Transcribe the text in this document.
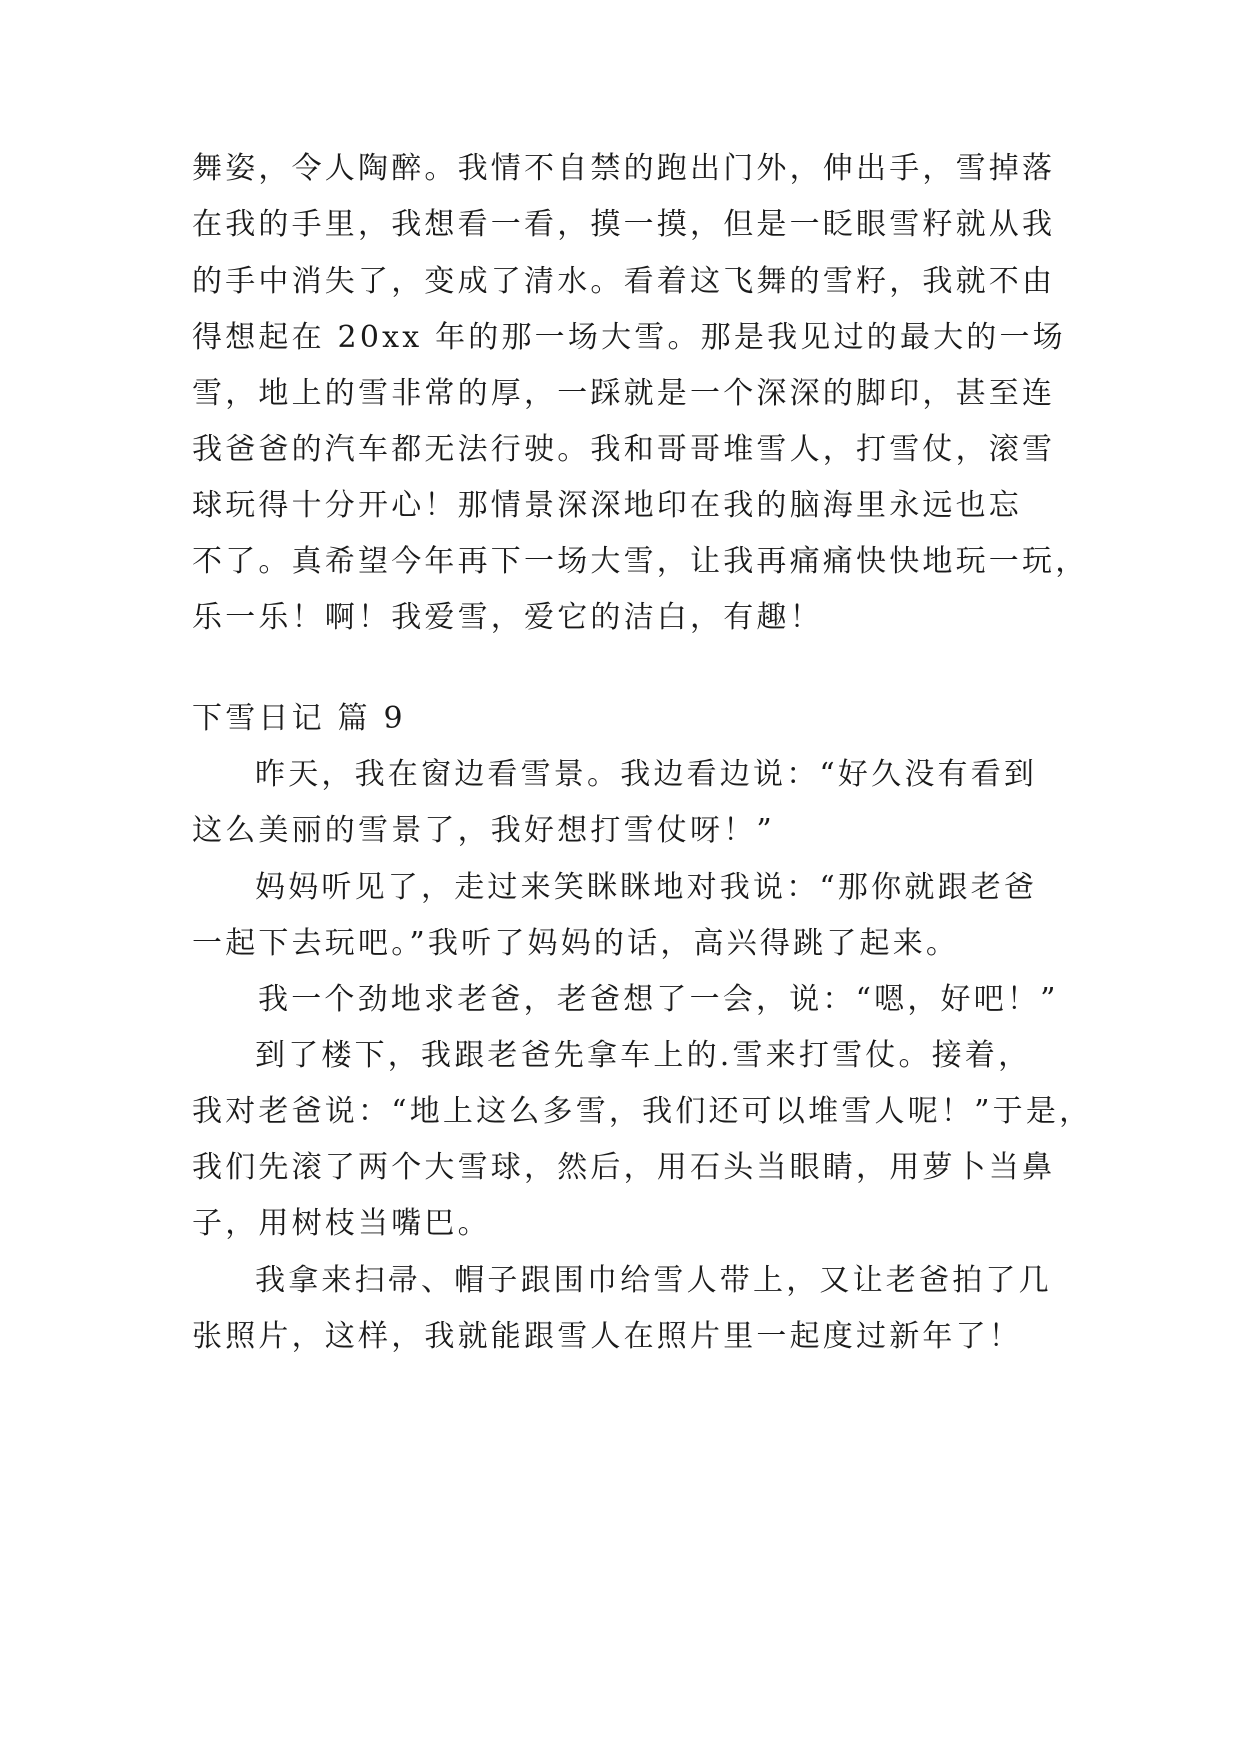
舞姿，令人陶醉。我情不自禁的跑出门外，伸出手，雪掉落
在我的手里，我想看一看，摸一摸，但是一眨眼雪籽就从我
的手中消失了，变成了清水。看着这飞舞的雪籽，我就不由
得想起在 20xx 年的那一场大雪。那是我见过的最大的一场
雪，地上的雪非常的厚，一踩就是一个深深的脚印，甚至连
我爸爸的汽车都无法行驶。我和哥哥堆雪人，打雪仗，滚雪
球玩得十分开心！那情景深深地印在我的脑海里永远也忘
不了。真希望今年再下一场大雪，让我再痛痛快快地玩一玩，
乐一乐！啊！我爱雪，爱它的洁白，有趣！
下雪日记 篇 9
昨天，我在窗边看雪景。我边看边说：“好久没有看到
这么美丽的雪景了，我好想打雪仗呀！”
妈妈听见了，走过来笑眯眯地对我说：“那你就跟老爸
一起下去玩吧。”我听了妈妈的话，高兴得跳了起来。
我一个劲地求老爸，老爸想了一会，说：“嗯，好吧！”
到了楼下，我跟老爸先拿车上的.雪来打雪仗。接着，
我对老爸说：“地上这么多雪，我们还可以堆雪人呢！”于是，
我们先滚了两个大雪球，然后，用石头当眼睛，用萝卜当鼻
子，用树枝当嘴巴。
我拿来扫帚、帽子跟围巾给雪人带上，又让老爸拍了几
张照片，这样，我就能跟雪人在照片里一起度过新年了！
